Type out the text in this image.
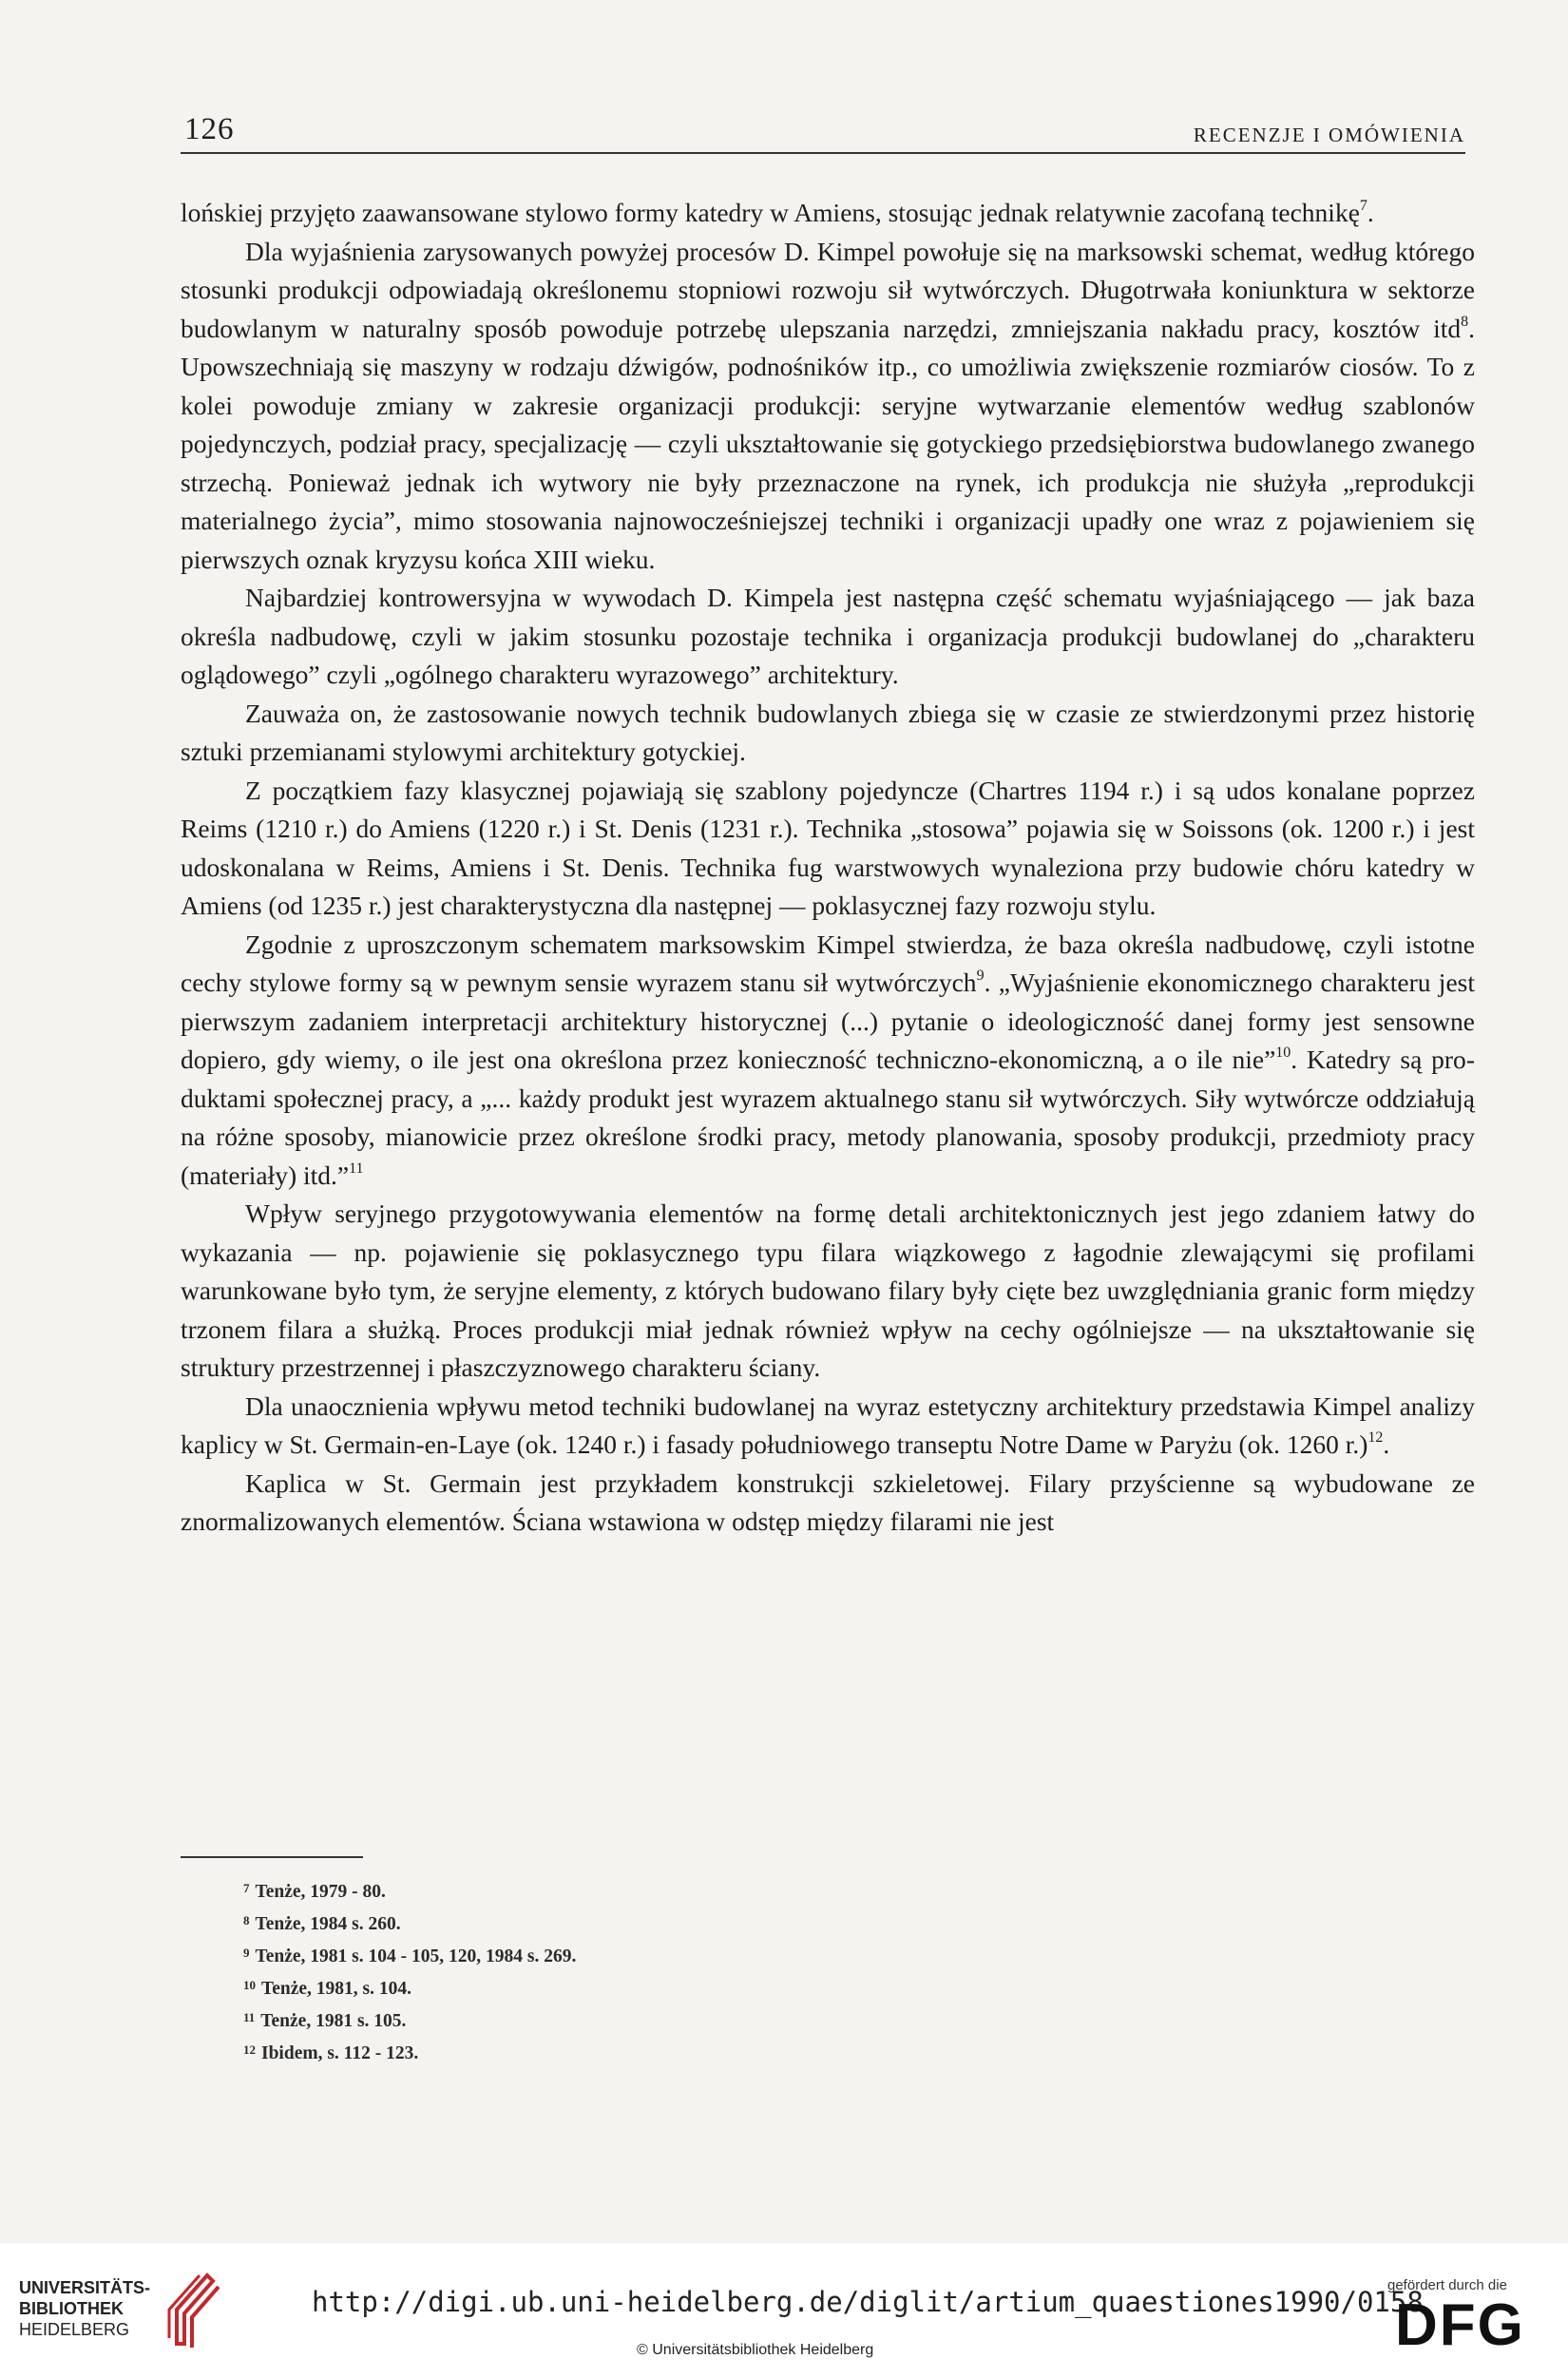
126	RECENZJE I OMÓWIENIA

lońskiej przyjęto zaawansowane stylowo formy katedry w Amiens, stosując jednak relatywnie zacofaną technikę$^7$.

Dla wyjaśnienia zarysowanych powyżej procesów D. Kimpel powołuje się na marksowski schemat, według którego stosunki produkcji odpowiadają określonemu stopniowi rozwoju sił wytwórczych. Długotrwała koniunktura w sektorze budowlanym w naturalny sposób powoduje potrzebę ulepszania narzędzi, zmniejszania nakładu pracy, kosztów itd$^8$. Upowszechniają się maszyny w rodzaju dźwigów, podnośników itp., co umożliwia zwiększenie rozmiarów ciosów. To z kolei powoduje zmiany w zakresie organizacji produkcji: seryjne wytwarzanie elementów według szablonów pojedynczych, podział pracy, specjalizację — czyli ukształtowanie się gotyckiego przedsiębiorstwa budowlanego zwanego strzechą. Ponieważ jednak ich wytwory nie były przeznaczone na rynek, ich produkcja nie służyła „reprodukcji materialnego życia”, mimo stosowania najnowocześniejszej techniki i organizacji upadły one wraz z pojawieniem się pierwszych oznak kryzysu końca XIII wieku.

Najbardziej kontrowersyjna w wywodach D. Kimpela jest następna część schematu wyjaśniającego — jak baza określa nadbudowę, czyli w jakim stosunku pozostaje technika i organizacja produkcji budowlanej do „charakteru oglądowego” czyli „ogólnego charakteru wyrazowego” architektury.

Zauważa on, że zastosowanie nowych technik budowlanych zbiega się w czasie ze stwierdzonymi przez historię sztuki przemianami stylowymi architektury gotyckiej.

Z początkiem fazy klasycznej pojawiają się szablony pojedyncze (Chartres 1194 r.) i są udos konalane poprzez Reims (1210 r.) do Amiens (1220 r.) i St. Denis (1231 r.). Technika „stosowa” pojawia się w Soissons (ok. 1200 r.) i jest udoskonalana w Reims, Amiens i St. Denis. Technika fug warstwowych wynaleziona przy budowie chóru katedry w Amiens (od 1235 r.) jest charakterystyczna dla następnej — poklasycznej fazy rozwoju stylu.

Zgodnie z uproszczonym schematem marksowskim Kimpel stwierdza, że baza określa nadbudowę, czyli istotne cechy stylowe formy są w pewnym sensie wyrazem stanu sił wytwórczych$^9$. „Wyjaśnienie ekonomicznego charakteru jest pierwszym zadaniem interpretacji architektury historycznej (...) pytanie o ideologiczność danej formy jest sensowne dopiero, gdy wiemy, o ile jest ona określona przez konieczność techniczno-ekonomiczną, a o ile nie”$^{10}$. Katedry są produktami społecznej pracy, a „... każdy produkt jest wyrazem aktualnego stanu sił wytwórczych. Siły wytwórcze oddziałują na różne sposoby, mianowicie przez określone środki pracy, metody planowania, sposoby produkcji, przedmioty pracy (materiały) itd.”$^{11}$

Wpływ seryjnego przygotowywania elementów na formę detali architektonicznych jest jego zdaniem łatwy do wykazania — np. pojawienie się poklasycznego typu filara wiązkowego z łagodnie zlewającymi się profilami warunkowane było tym, że seryjne elementy, z których budowano filary były cięte bez uwzględniania granic form między trzonem filara a służką. Proces produkcji miał jednak również wpływ na cechy ogólniejsze — na ukształtowanie się struktury przestrzennej i płaszczyznowego charakteru ściany.

Dla unaocznienia wpływu metod techniki budowlanej na wyraz estetyczny architektury przedstawia Kimpel analizy kaplicy w St. Germain-en-Laye (ok. 1240 r.) i fasady południowego transeptu Notre Dame w Paryżu (ok. 1260 r.)$^{12}$.

Kaplica w St. Germain jest przykładem konstrukcji szkieletowej. Filary przyścienne są wybudowane ze znormalizowanych elementów. Ściana wstawiona w odstęp między filarami nie jest

$^7$ Tenże, 1979 - 80.
$^8$ Tenże, 1984 s. 260.
$^9$ Tenże, 1981 s. 104 - 105, 120, 1984 s. 269.
$^{10}$ Tenże, 1981, s. 104.
$^{11}$ Tenże, 1981 s. 105.
$^{12}$ Ibidem, s. 112 - 123.
UNIVERSITÄTS-
BIBLIOTHEK
HEIDELBERG
http://digi.ub.uni-heidelberg.de/diglit/artium_quaestiones1990/0158
© Universitätsbibliothek Heidelberg
gefördert durch die
DFG
